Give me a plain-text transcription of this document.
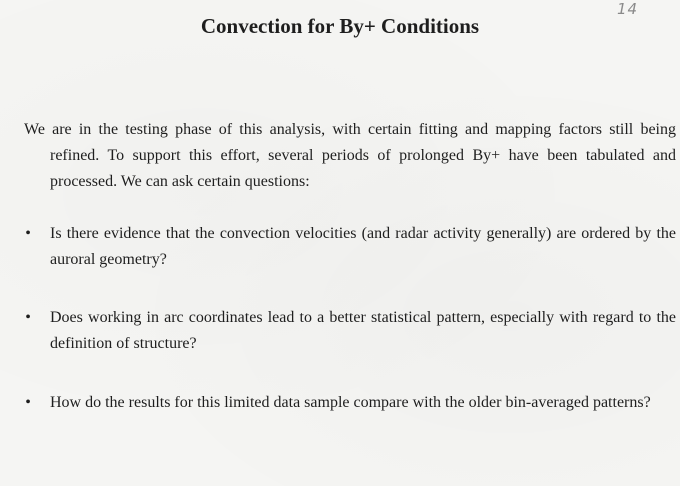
14
Convection for By+ Conditions

We are in the testing phase of this analysis, with certain fitting and mapping factors still being refined. To support this effort, several periods of prolonged By+ have been tabulated and processed. We can ask certain questions:

• Is there evidence that the convection velocities (and radar activity generally) are ordered by the auroral geometry?
• Does working in arc coordinates lead to a better statistical pattern, especially with regard to the definition of structure?
• How do the results for this limited data sample compare with the older bin-averaged patterns?
